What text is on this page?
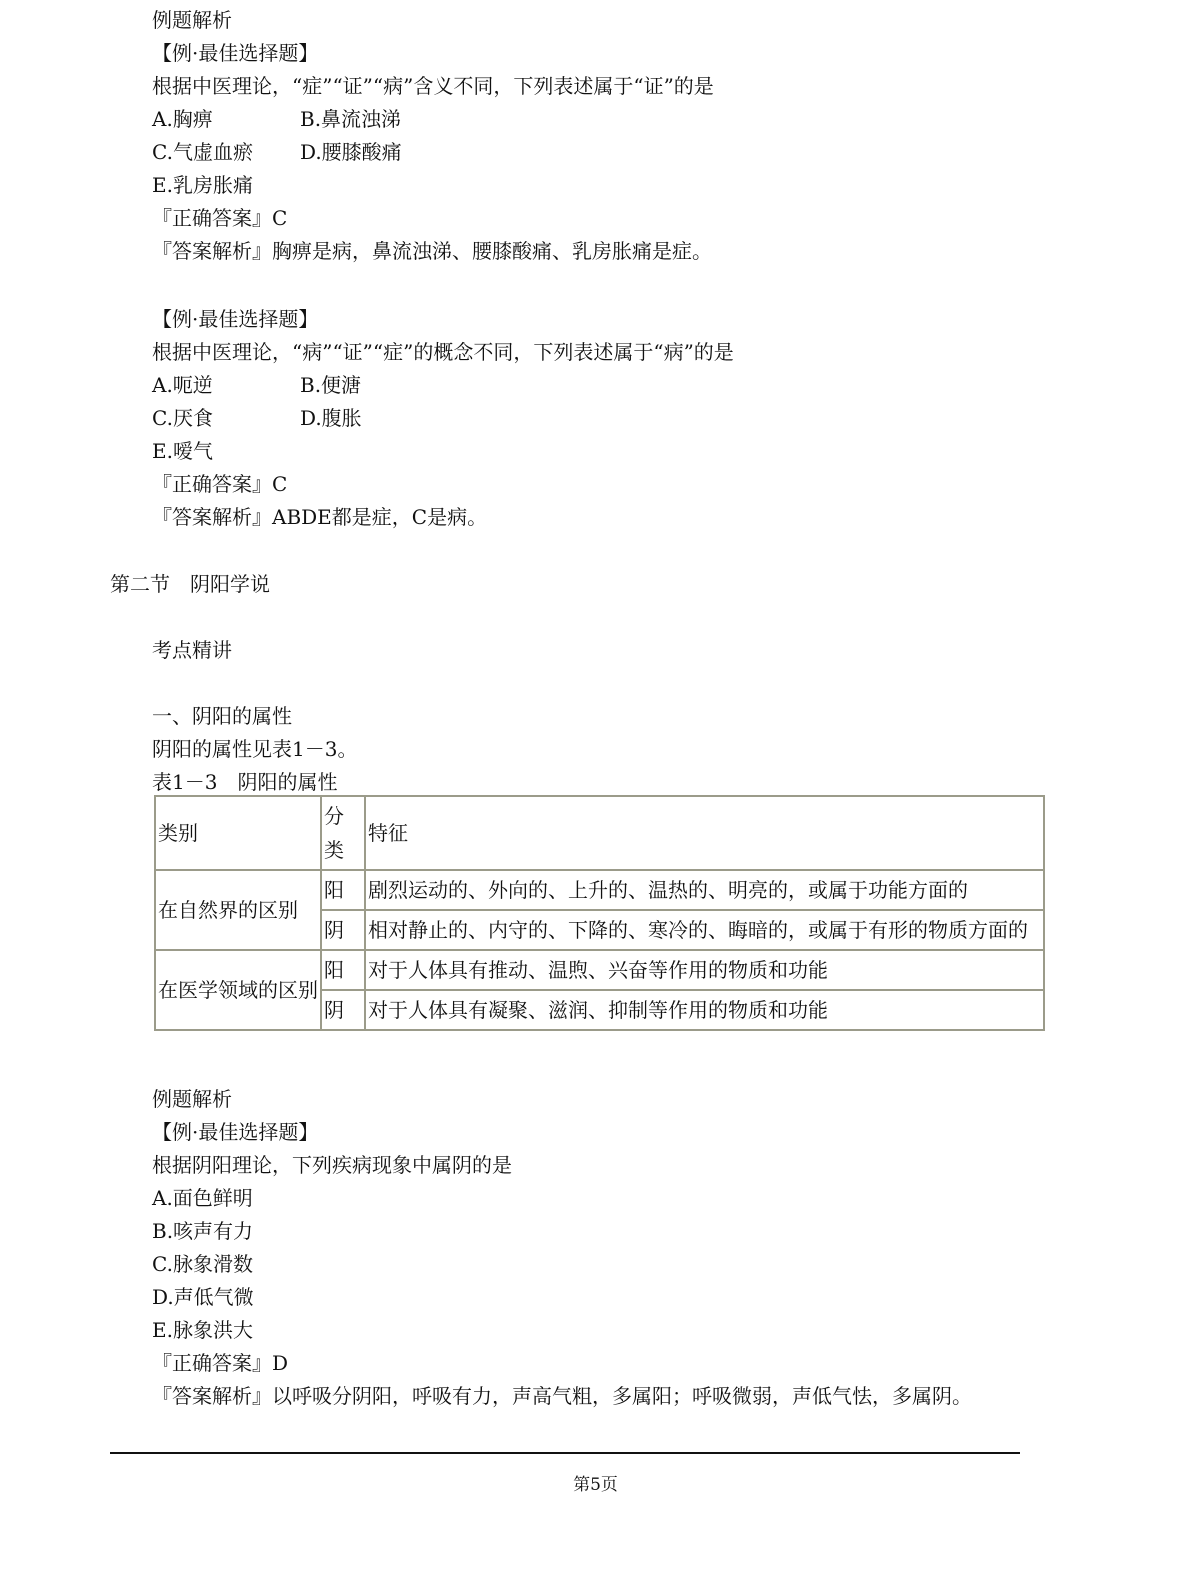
例题解析
【例·最佳选择题】
根据中医理论，“症”“证”“病”含义不同，下列表述属于“证”的是
A.胸痹	B.鼻流浊涕
C.气虚血瘀 D.腰膝酸痛
E.乳房胀痛
『正确答案』C
『答案解析』胸痹是病，鼻流浊涕、腰膝酸痛、乳房胀痛是症。
【例·最佳选择题】
根据中医理论，“病”“证”“症”的概念不同，下列表述属于“病”的是
A.呃逆	B.便溏
C.厌食	D.腹胀
E.嗳气
『正确答案』C
『答案解析』ABDE都是症，C是病。
第二节　阴阳学说
考点精讲
一、阴阳的属性
阴阳的属性见表1－3。
表1－3　阴阳的属性
类别	分类	特征
在自然界的区别	阳	剧烈运动的、外向的、上升的、温热的、明亮的，或属于功能方面的
	阴	相对静止的、内守的、下降的、寒冷的、晦暗的，或属于有形的物质方面的
在医学领域的区别	阳	对于人体具有推动、温煦、兴奋等作用的物质和功能
	阴	对于人体具有凝聚、滋润、抑制等作用的物质和功能
例题解析
【例·最佳选择题】
根据阴阳理论，下列疾病现象中属阴的是
A.面色鲜明
B.咳声有力
C.脉象滑数
D.声低气微
E.脉象洪大
『正确答案』D
『答案解析』以呼吸分阴阳，呼吸有力，声高气粗，多属阳；呼吸微弱，声低气怯，多属阴。
第5页
